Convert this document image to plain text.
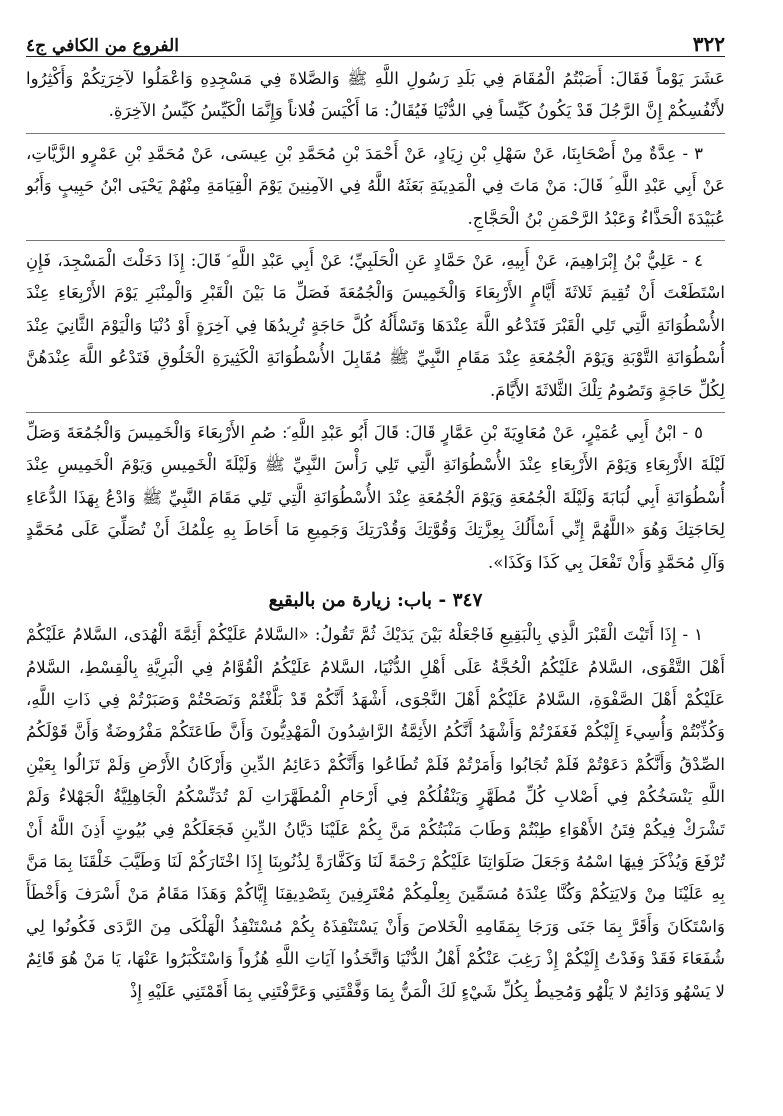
٣٢٢
الفروع من الكافي ج٤

عَشَرَ يَوْماً فَقَالَ: أَصَبْتُمُ الْمُقَامَ فِي بَلَدِ رَسُولِ اللَّهِ ﷺ وَالصَّلاةَ فِي مَسْجِدِهِ وَاعْمَلُوا لآخِرَتِكُمْ وَأَكْثِرُوا لأَنْفُسِكُمْ إِنَّ الرَّجُلَ قَدْ يَكُونُ كَيِّساً فِي الدُّنْيَا فَيُقَالُ: مَا أَكْيَسَ فُلاناً وَإِنَّمَا الْكَيِّسُ كَيِّسُ الآخِرَةِ.

٣ - عِدَّةٌ مِنْ أَصْحَابِنَا، عَنْ سَهْلِ بْنِ زِيَادٍ، عَنْ أَحْمَدَ بْنِ مُحَمَّدِ بْنِ عِيسَى، عَنْ مُحَمَّدِ بْنِ عَمْرٍو الزَّيَّاتِ، عَنْ أَبِي عَبْدِ اللَّهِ ؑ قَالَ: مَنْ مَاتَ فِي الْمَدِينَةِ بَعَثَهُ اللَّهُ فِي الآمِنِينَ يَوْمَ الْقِيَامَةِ مِنْهُمْ يَحْيَى ابْنُ حَبِيبٍ وَأَبُو عُبَيْدَةَ الْحَذَّاءُ وَعَبْدُ الرَّحْمَنِ بْنُ الْحَجَّاجِ.

٤ - عَلِيُّ بْنُ إِبْرَاهِيمَ، عَنْ أَبِيهِ، عَنْ حَمَّادٍ عَنِ الْحَلَبِيِّ؛ عَنْ أَبِي عَبْدِ اللَّهِ ؑ قَالَ: إِذَا دَخَلْتَ الْمَسْجِدَ، فَإِنِ اسْتَطَعْتَ أَنْ تُقِيمَ ثَلاثَةَ أَيَّامٍ الأَرْبِعَاءَ وَالْخَمِيسَ وَالْجُمُعَةَ فَصَلِّ مَا بَيْنَ الْقَبْرِ وَالْمِنْبَرِ يَوْمَ الأَرْبِعَاءِ عِنْدَ الأُسْطُوَانَةِ الَّتِي تَلِي الْقَبْرَ فَتَدْعُو اللَّهَ عِنْدَهَا وَتَسْأَلُهُ كُلَّ حَاجَةٍ تُرِيدُهَا فِي آخِرَةٍ أَوْ دُنْيَا وَالْيَوْمَ الثَّانِيَ عِنْدَ أُسْطُوَانَةِ التَّوْبَةِ وَيَوْمَ الْجُمُعَةِ عِنْدَ مَقَامِ النَّبِيِّ ﷺ مُقَابِلَ الأُسْطُوَانَةِ الْكَثِيرَةِ الْخَلُوقِ فَتَدْعُو اللَّهَ عِنْدَهُنَّ لِكُلِّ حَاجَةٍ وَتَصُومُ تِلْكَ الثَّلاثَةَ الأَيَّامَ.

٥ - ابْنُ أَبِي عُمَيْرٍ، عَنْ مُعَاوِيَةَ بْنِ عَمَّارٍ قَالَ: قَالَ أَبُو عَبْدِ اللَّهِ ؑ: صُمِ الأَرْبِعَاءَ وَالْخَمِيسَ وَالْجُمُعَةَ وَصَلِّ لَيْلَةَ الأَرْبِعَاءِ وَيَوْمَ الأَرْبِعَاءِ عِنْدَ الأُسْطُوَانَةِ الَّتِي تَلِي رَأْسَ النَّبِيِّ ﷺ وَلَيْلَةَ الْخَمِيسِ وَيَوْمَ الْخَمِيسِ عِنْدَ أُسْطُوَانَةِ أَبِي لُبَابَةَ وَلَيْلَةَ الْجُمُعَةِ وَيَوْمَ الْجُمُعَةِ عِنْدَ الأُسْطُوَانَةِ الَّتِي تَلِي مَقَامَ النَّبِيِّ ﷺ وَادْعُ بِهَذَا الدُّعَاءِ لِحَاجَتِكَ وَهُوَ «اللَّهُمَّ إِنِّي أَسْأَلُكَ بِعِزَّتِكَ وَقُوَّتِكَ وَقُدْرَتِكَ وَجَمِيعِ مَا أَحَاطَ بِهِ عِلْمُكَ أَنْ تُصَلِّيَ عَلَى مُحَمَّدٍ وَآلِ مُحَمَّدٍ وَأَنْ تَفْعَلَ بِي كَذَا وَكَذَا».

٣٤٧ - باب: زيارة من بالبقيع

١ - إِذَا أَتَيْتَ الْقَبْرَ الَّذِي بِالْبَقِيعِ فَاجْعَلْهُ بَيْنَ يَدَيْكَ ثُمَّ تَقُولُ: «السَّلامُ عَلَيْكُمْ أَئِمَّةَ الْهُدَى، السَّلامُ عَلَيْكُمْ أَهْلَ التَّقْوَى، السَّلامُ عَلَيْكُمُ الْحُجَّةُ عَلَى أَهْلِ الدُّنْيَا، السَّلامُ عَلَيْكُمُ الْقُوَّامُ فِي الْبَرِيَّةِ بِالْقِسْطِ، السَّلامُ عَلَيْكُمْ أَهْلَ الصَّفْوَةِ، السَّلامُ عَلَيْكُمْ أَهْلَ النَّجْوَى، أَشْهَدُ أَنَّكُمْ قَدْ بَلَّغْتُمْ وَنَصَحْتُمْ وَصَبَرْتُمْ فِي ذَاتِ اللَّهِ، وَكُذِّبْتُمْ وَأُسِيءَ إِلَيْكُمْ فَغَفَرْتُمْ وَأَشْهَدُ أَنَّكُمُ الأَئِمَّةُ الرَّاشِدُونَ الْمَهْدِيُّونَ وَأَنَّ طَاعَتَكُمْ مَفْرُوضَةٌ وَأَنَّ قَوْلَكُمُ الصِّدْقُ وَأَنَّكُمْ دَعَوْتُمْ فَلَمْ تُجَابُوا وَأَمَرْتُمْ فَلَمْ تُطَاعُوا وَأَنَّكُمْ دَعَائِمُ الدِّينِ وَأَرْكَانُ الأَرْضِ وَلَمْ تَزَالُوا بِعَيْنِ اللَّهِ يَنْسَخُكُمْ فِي أَصْلابِ كُلِّ مُطَهَّرٍ وَيَنْقُلُكُمْ فِي أَرْحَامِ الْمُطَهَّرَاتِ لَمْ تُدَنِّسْكُمُ الْجَاهِلِيَّةُ الْجَهْلاءُ وَلَمْ تَشْرَكْ فِيكُمْ فِتَنُ الأَهْوَاءِ طِبْتُمْ وَطَابَ مَنْبَتُكُمْ مَنَّ بِكُمْ عَلَيْنَا دَيَّانُ الدِّينِ فَجَعَلَكُمْ فِي بُيُوتٍ أَذِنَ اللَّهُ أَنْ تُرْفَعَ وَيُذْكَرَ فِيهَا اسْمُهُ وَجَعَلَ صَلَوَاتِنَا عَلَيْكُمْ رَحْمَةً لَنَا وَكَفَّارَةً لِذُنُوبِنَا إِذَا اخْتَارَكُمْ لَنَا وَطَيَّبَ خَلْقَنَا بِمَا مَنَّ بِهِ عَلَيْنَا مِنْ وَلايَتِكُمْ وَكُنَّا عِنْدَهُ مُسَمِّينَ بِعِلْمِكُمْ مُعْتَرِفِينَ بِتَصْدِيقِنَا إِيَّاكُمْ وَهَذَا مَقَامُ مَنْ أَسْرَفَ وَأَخْطَأَ وَاسْتَكَانَ وَأَقَرَّ بِمَا جَنَى وَرَجَا بِمَقَامِهِ الْخَلاصَ وَأَنْ يَسْتَنْقِذَهُ بِكُمْ مُسْتَنْقِذُ الْهَلْكَى مِنَ الرَّدَى فَكُونُوا لِي شُفَعَاءَ فَقَدْ وَفَدْتُ إِلَيْكُمْ إِذْ رَغِبَ عَنْكُمْ أَهْلُ الدُّنْيَا وَاتَّخَذُوا آيَاتِ اللَّهِ هُزُواً وَاسْتَكْبَرُوا عَنْهَا، يَا مَنْ هُوَ قَائِمٌ لا يَسْهُو وَدَائِمٌ لا يَلْهُو وَمُحِيطٌ بِكُلِّ شَيْءٍ لَكَ الْمَنُّ بِمَا وَفَّقْتَنِي وَعَرَّفْتَنِي بِمَا أَقَمْتَنِي عَلَيْهِ إِذْ
